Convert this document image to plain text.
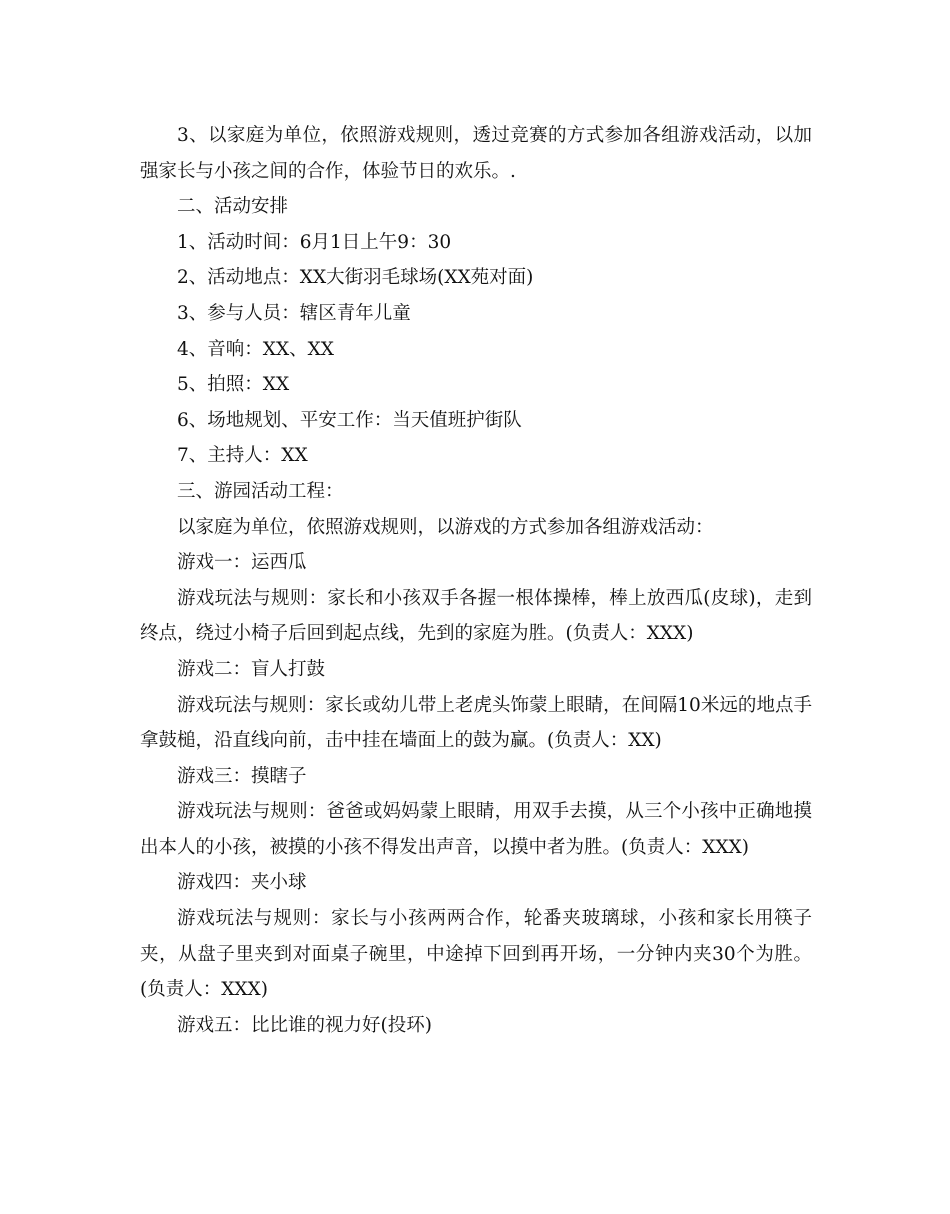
3、以家庭为单位，依照游戏规则，透过竞赛的方式参加各组游戏活动，以加强家长与小孩之间的合作，体验节日的欢乐。.

二、活动安排

1、活动时间：6月1日上午9：30

2、活动地点：XX大街羽毛球场(XX苑对面)

3、参与人员：辖区青年儿童

4、音响：XX、XX

5、拍照：XX

6、场地规划、平安工作：当天值班护街队

7、主持人：XX

三、游园活动工程：

以家庭为单位，依照游戏规则，以游戏的方式参加各组游戏活动：

游戏一：运西瓜

游戏玩法与规则：家长和小孩双手各握一根体操棒，棒上放西瓜(皮球)，走到终点，绕过小椅子后回到起点线，先到的家庭为胜。(负责人：XXX)

游戏二：盲人打鼓

游戏玩法与规则：家长或幼儿带上老虎头饰蒙上眼睛，在间隔10米远的地点手拿鼓槌，沿直线向前，击中挂在墙面上的鼓为赢。(负责人：XX)

游戏三：摸瞎子

游戏玩法与规则：爸爸或妈妈蒙上眼睛，用双手去摸，从三个小孩中正确地摸出本人的小孩，被摸的小孩不得发出声音，以摸中者为胜。(负责人：XXX)

游戏四：夹小球

游戏玩法与规则：家长与小孩两两合作，轮番夹玻璃球，小孩和家长用筷子夹，从盘子里夹到对面桌子碗里，中途掉下回到再开场，一分钟内夹30个为胜。(负责人：XXX)

游戏五：比比谁的视力好(投环)
